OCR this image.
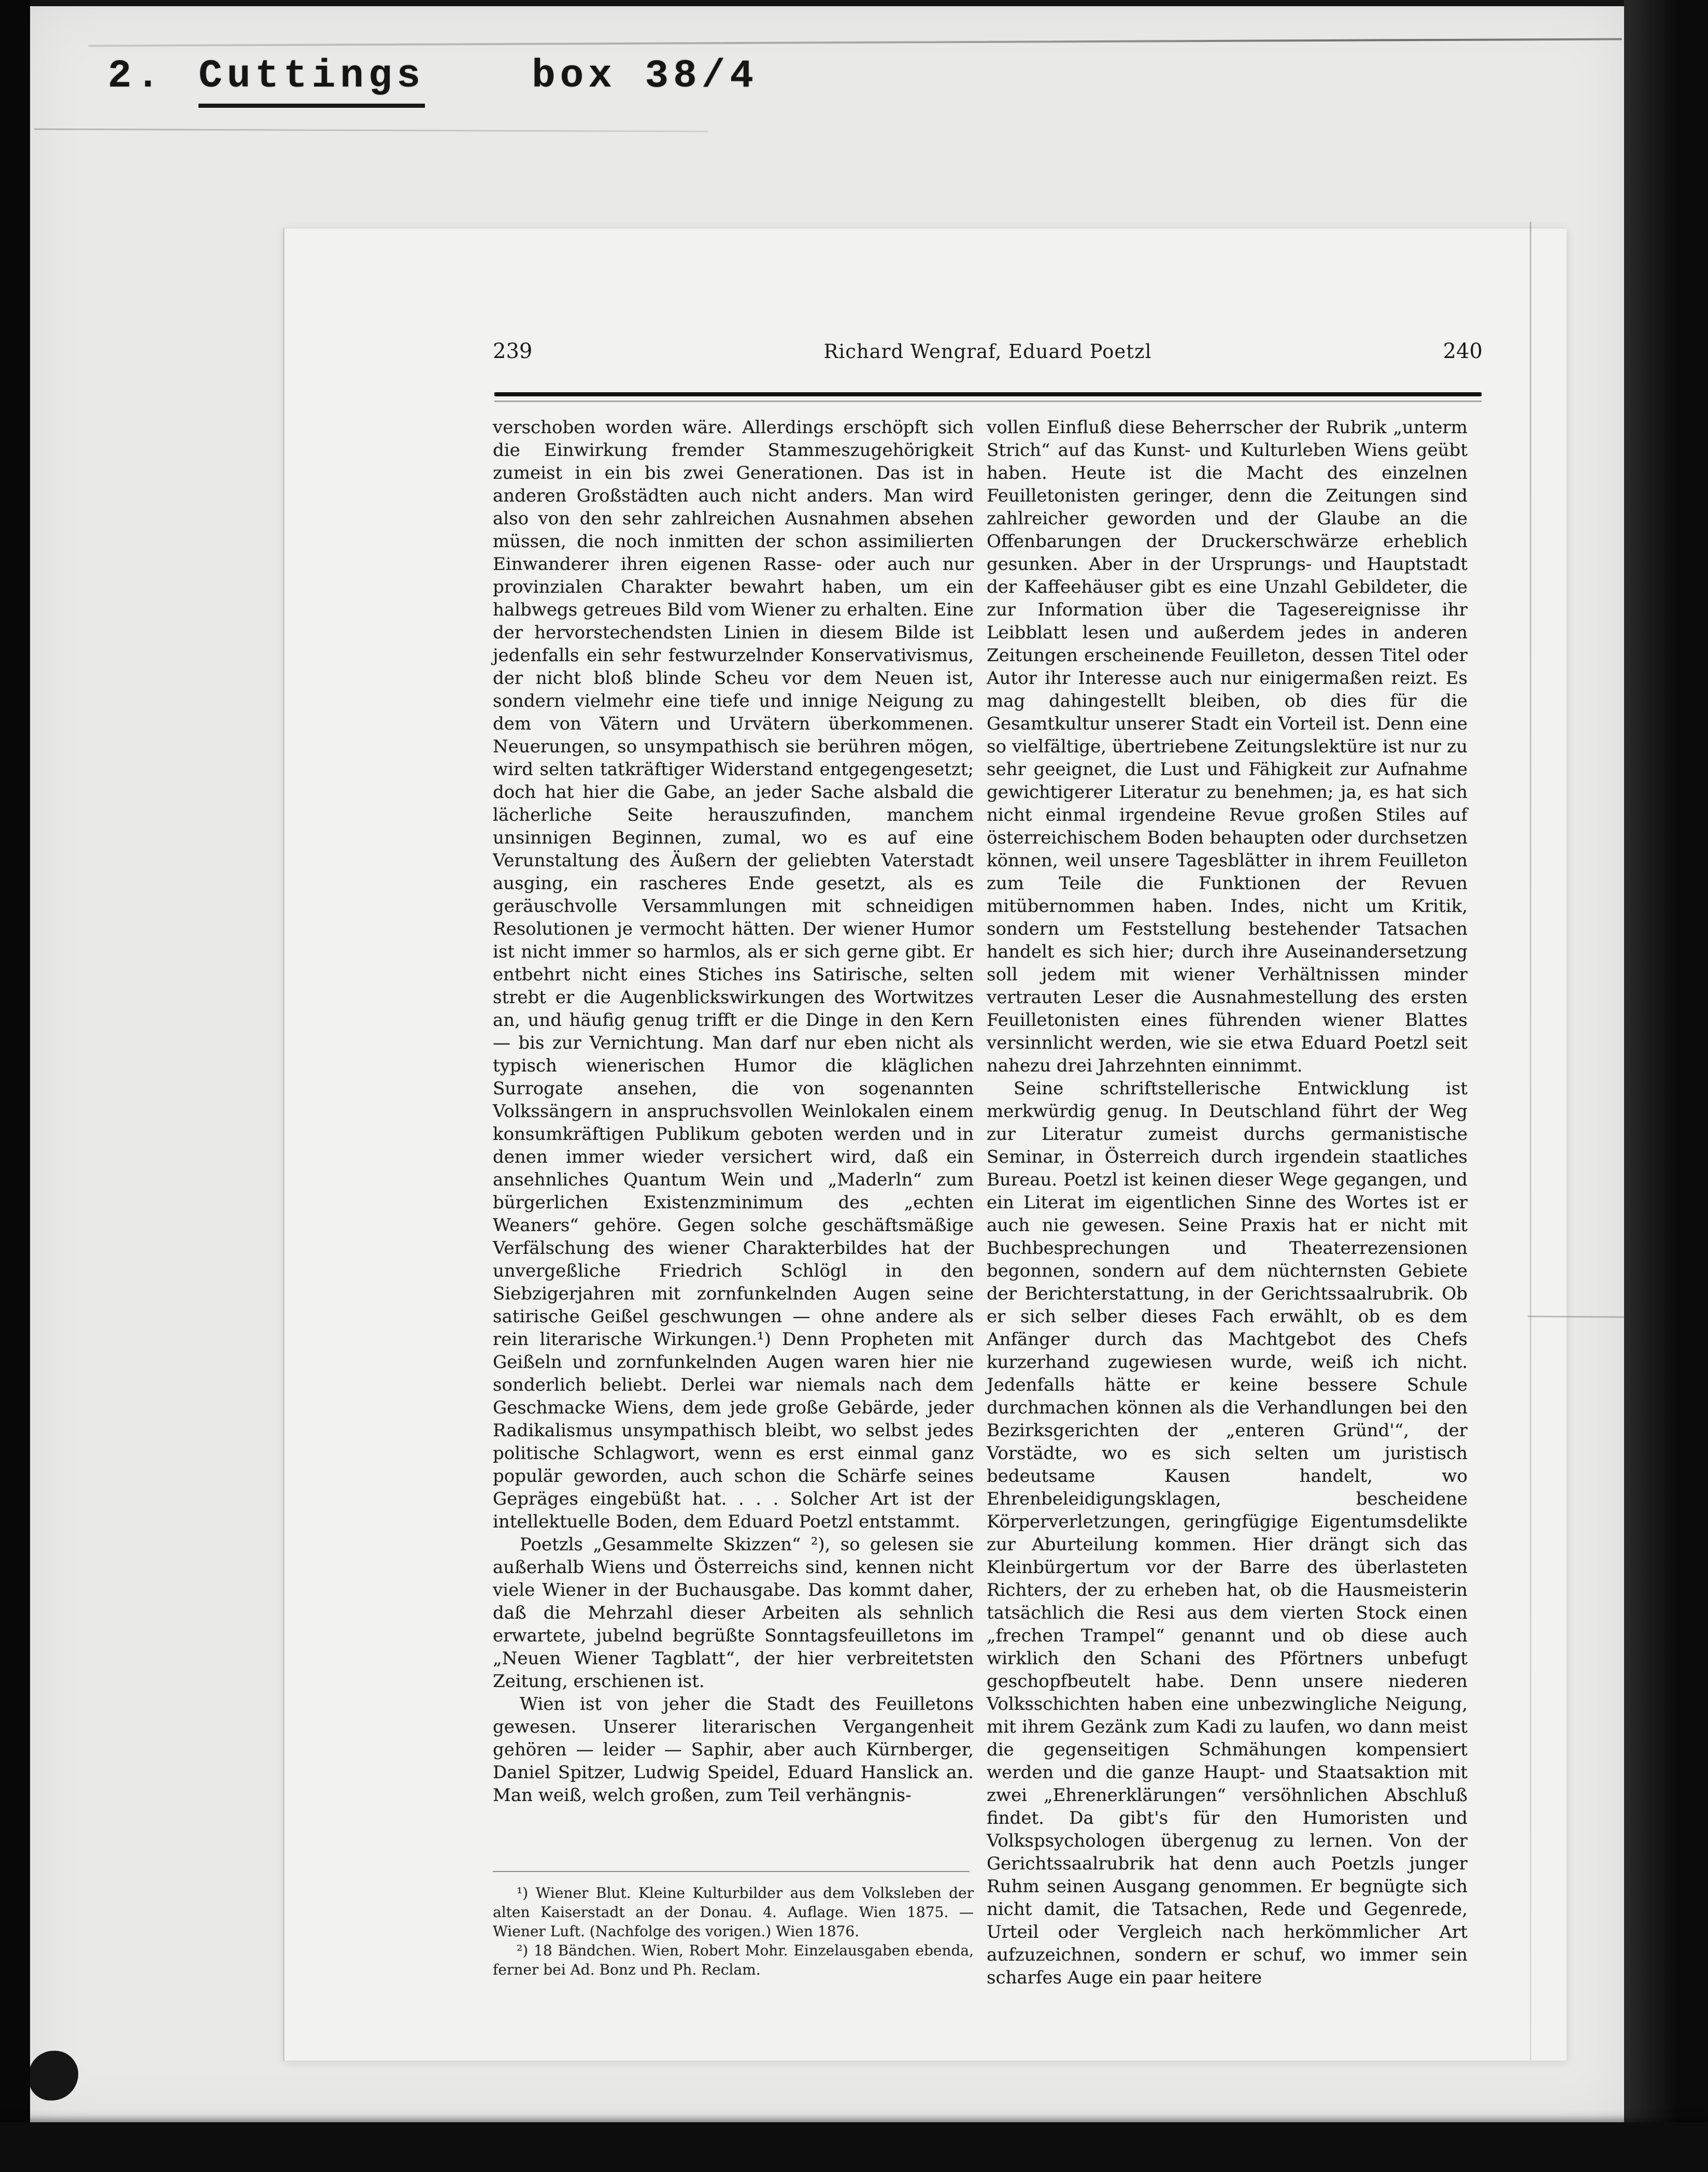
2. Cuttings	box 38/4
239	Richard Wengraf, Eduard Poetzl	240

verschoben worden wäre. Allerdings erschöpft sich die Einwirkung fremder Stammeszugehörigkeit zumeist in ein bis zwei Generationen. Das ist in anderen Großstädten auch nicht anders. Man wird also von den sehr zahlreichen Ausnahmen absehen müssen, die noch inmitten der schon assimilierten Einwanderer ihren eigenen Rasse- oder auch nur provinzialen Charakter bewahrt haben, um ein halbwegs getreues Bild vom Wiener zu erhalten. Eine der hervorstechendsten Linien in diesem Bilde ist jedenfalls ein sehr festwurzelnder Konservativismus, der nicht bloß blinde Scheu vor dem Neuen ist, sondern vielmehr eine tiefe und innige Neigung zu dem von Vätern und Urvätern überkommenen. Neuerungen, so unsympathisch sie berühren mögen, wird selten tatkräftiger Widerstand entgegengesetzt; doch hat hier die Gabe, an jeder Sache alsbald die lächerliche Seite herauszufinden, manchem unsinnigen Beginnen, zumal, wo es auf eine Verunstaltung des Äußern der geliebten Vaterstadt ausging, ein rascheres Ende gesetzt, als es geräuschvolle Versammlungen mit schneidigen Resolutionen je vermocht hätten. Der wiener Humor ist nicht immer so harmlos, als er sich gerne gibt. Er entbehrt nicht eines Stiches ins Satirische, selten strebt er die Augenblickswirkungen des Wortwitzes an, und häufig genug trifft er die Dinge in den Kern — bis zur Vernichtung. Man darf nur eben nicht als typisch wienerischen Humor die kläglichen Surrogate ansehen, die von sogenannten Volkssängern in anspruchsvollen Weinlokalen einem konsumkräftigen Publikum geboten werden und in denen immer wieder versichert wird, daß ein ansehnliches Quantum Wein und „Maderln“ zum bürgerlichen Existenzminimum des „echten Weaners“ gehöre. Gegen solche geschäftsmäßige Verfälschung des wiener Charakterbildes hat der unvergeßliche Friedrich Schlögl in den Siebzigerjahren mit zornfunkelnden Augen seine satirische Geißel geschwungen — ohne andere als rein literarische Wirkungen.¹) Denn Propheten mit Geißeln und zornfunkelnden Augen waren hier nie sonderlich beliebt. Derlei war niemals nach dem Geschmacke Wiens, dem jede große Gebärde, jeder Radikalismus unsympathisch bleibt, wo selbst jedes politische Schlagwort, wenn es erst einmal ganz populär geworden, auch schon die Schärfe seines Gepräges eingebüßt hat. . . . Solcher Art ist der intellektuelle Boden, dem Eduard Poetzl entstammt.

Poetzls „Gesammelte Skizzen“ ²), so gelesen sie außerhalb Wiens und Österreichs sind, kennen nicht viele Wiener in der Buchausgabe. Das kommt daher, daß die Mehrzahl dieser Arbeiten als sehnlich erwartete, jubelnd begrüßte Sonntagsfeuilletons im „Neuen Wiener Tagblatt“, der hier verbreitetsten Zeitung, erschienen ist.

Wien ist von jeher die Stadt des Feuilletons gewesen. Unserer literarischen Vergangenheit gehören — leider — Saphir, aber auch Kürnberger, Daniel Spitzer, Ludwig Speidel, Eduard Hanslick an. Man weiß, welch großen, zum Teil verhängnis-

vollen Einfluß diese Beherrscher der Rubrik „unterm Strich“ auf das Kunst- und Kulturleben Wiens geübt haben. Heute ist die Macht des einzelnen Feuilletonisten geringer, denn die Zeitungen sind zahlreicher geworden und der Glaube an die Offenbarungen der Druckerschwärze erheblich gesunken. Aber in der Ursprungs- und Hauptstadt der Kaffeehäuser gibt es eine Unzahl Gebildeter, die zur Information über die Tagesereignisse ihr Leibblatt lesen und außerdem jedes in anderen Zeitungen erscheinende Feuilleton, dessen Titel oder Autor ihr Interesse auch nur einigermaßen reizt. Es mag dahingestellt bleiben, ob dies für die Gesamtkultur unserer Stadt ein Vorteil ist. Denn eine so vielfältige, übertriebene Zeitungslektüre ist nur zu sehr geeignet, die Lust und Fähigkeit zur Aufnahme gewichtigerer Literatur zu benehmen; ja, es hat sich nicht einmal irgendeine Revue großen Stiles auf österreichischem Boden behaupten oder durchsetzen können, weil unsere Tagesblätter in ihrem Feuilleton zum Teile die Funktionen der Revuen mitübernommen haben. Indes, nicht um Kritik, sondern um Feststellung bestehender Tatsachen handelt es sich hier; durch ihre Auseinandersetzung soll jedem mit wiener Verhältnissen minder vertrauten Leser die Ausnahmestellung des ersten Feuilletonisten eines führenden wiener Blattes versinnlicht werden, wie sie etwa Eduard Poetzl seit nahezu drei Jahrzehnten einnimmt.

Seine schriftstellerische Entwicklung ist merkwürdig genug. In Deutschland führt der Weg zur Literatur zumeist durchs germanistische Seminar, in Österreich durch irgendein staatliches Bureau. Poetzl ist keinen dieser Wege gegangen, und ein Literat im eigentlichen Sinne des Wortes ist er auch nie gewesen. Seine Praxis hat er nicht mit Buchbesprechungen und Theaterrezensionen begonnen, sondern auf dem nüchternsten Gebiete der Berichterstattung, in der Gerichtssaalrubrik. Ob er sich selber dieses Fach erwählt, ob es dem Anfänger durch das Machtgebot des Chefs kurzerhand zugewiesen wurde, weiß ich nicht. Jedenfalls hätte er keine bessere Schule durchmachen können als die Verhandlungen bei den Bezirksgerichten der „enteren Gründ'“, der Vorstädte, wo es sich selten um juristisch bedeutsame Kausen handelt, wo Ehrenbeleidigungsklagen, bescheidene Körperverletzungen, geringfügige Eigentumsdelikte zur Aburteilung kommen. Hier drängt sich das Kleinbürgertum vor der Barre des überlasteten Richters, der zu erheben hat, ob die Hausmeisterin tatsächlich die Resi aus dem vierten Stock einen „frechen Trampel“ genannt und ob diese auch wirklich den Schani des Pförtners unbefugt geschopfbeutelt habe. Denn unsere niederen Volksschichten haben eine unbezwingliche Neigung, mit ihrem Gezänk zum Kadi zu laufen, wo dann meist die gegenseitigen Schmähungen kompensiert werden und die ganze Haupt- und Staatsaktion mit zwei „Ehrenerklärungen“ versöhnlichen Abschluß findet. Da gibt's für den Humoristen und Volkspsychologen übergenug zu lernen. Von der Gerichtssaalrubrik hat denn auch Poetzls junger Ruhm seinen Ausgang genommen. Er begnügte sich nicht damit, die Tatsachen, Rede und Gegenrede, Urteil oder Vergleich nach herkömmlicher Art aufzuzeichnen, sondern er schuf, wo immer sein scharfes Auge ein paar heitere

¹) Wiener Blut. Kleine Kulturbilder aus dem Volksleben der alten Kaiserstadt an der Donau. 4. Auflage. Wien 1875. — Wiener Luft. (Nachfolge des vorigen.) Wien 1876.

²) 18 Bändchen. Wien, Robert Mohr. Einzelausgaben ebenda, ferner bei Ad. Bonz und Ph. Reclam.
